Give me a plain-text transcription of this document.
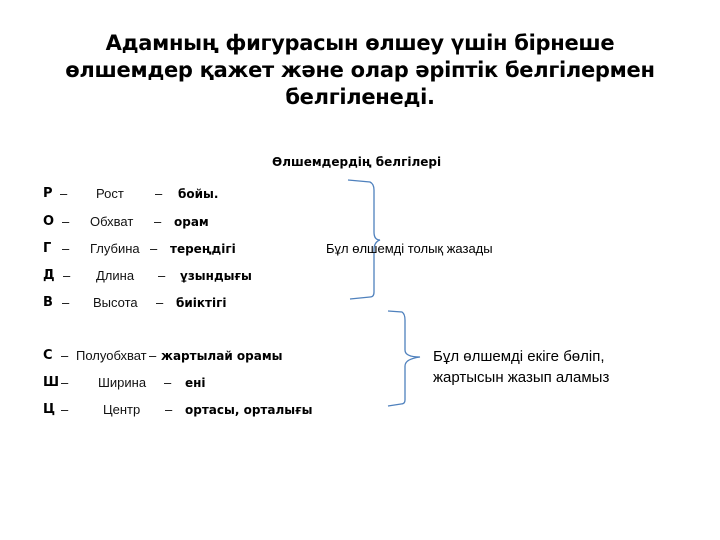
Адамның фигурасын өлшеу үшін бірнеше өлшемдер қажет және олар әріптік белгілермен белгіленеді.
Өлшемдердің белгілері
Р – Рост – бойы.
О – Обхват – орам
Г – Глубина – тереңдігі
Д – Длина – ұзындығы
В – Высота – биіктігі
С – Полуобхват – жартылай орамы
Ш – Ширина – ені
Ц –	Центр – ортасы, орталығы
Бұл өлшемді толық жазады
Бұл өлшемді екіге бөліп,
жартысын жазып аламыз
